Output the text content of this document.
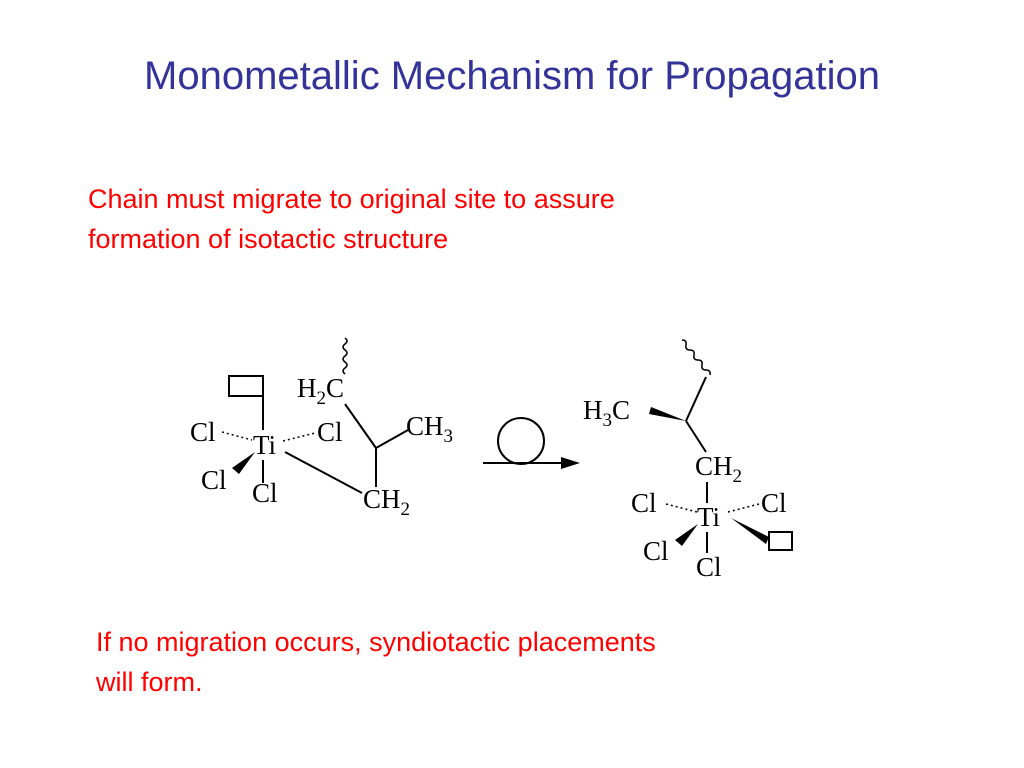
Monometallic Mechanism for Propagation
Chain must migrate to original site to assure
formation of isotactic structure
Ti
Cl	Cl
Cl Cl
$H_2C$
$CH_3$
$CH_2$
$H_3C$
$CH_2$
Ti
Cl	Cl
Cl
Cl
If no migration occurs, syndiotactic placements
will form.
